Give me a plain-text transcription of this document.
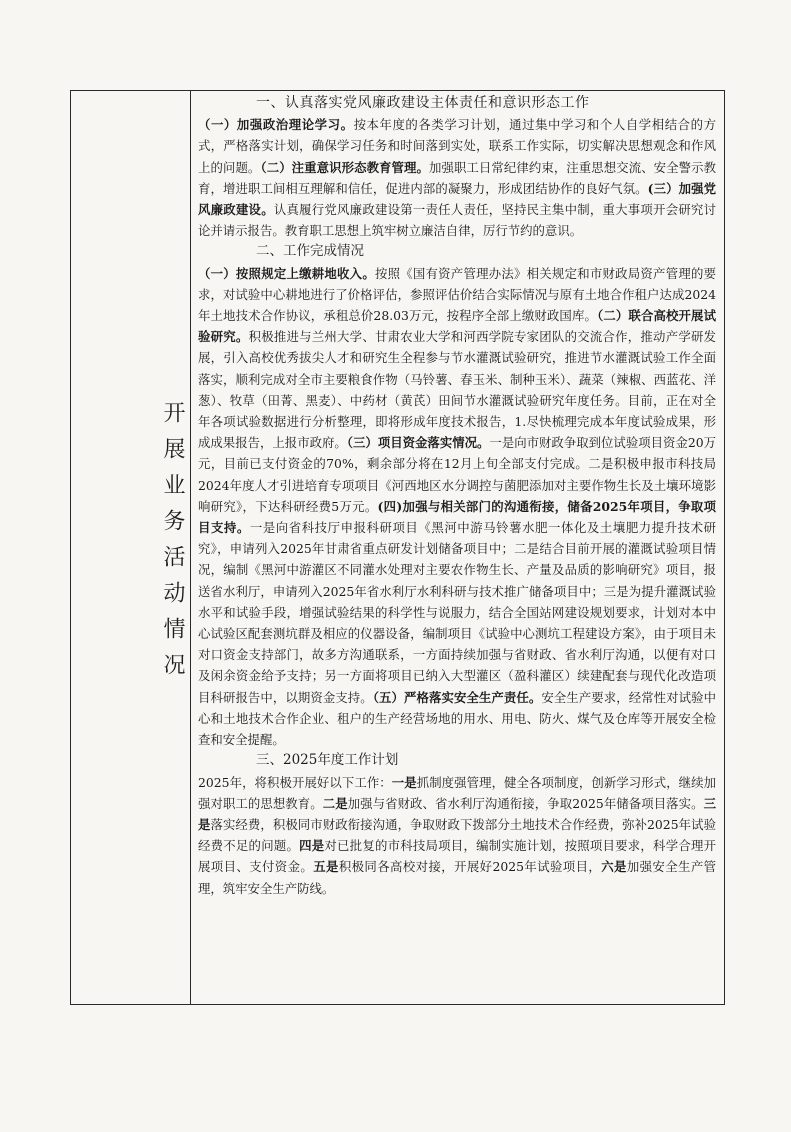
开展业务活动情况
一、认真落实党风廉政建设主体责任和意识形态工作

（一）加强政治理论学习。按本年度的各类学习计划，通过集中学习和个人自学相结合的方式，严格落实计划，确保学习任务和时间落到实处，联系工作实际，切实解决思想观念和作风上的问题。（二）注重意识形态教育管理。加强职工日常纪律约束，注重思想交流、安全警示教育，增进职工间相互理解和信任，促进内部的凝聚力，形成团结协作的良好气氛。(三）加强党风廉政建设。认真履行党风廉政建设第一责任人责任，坚持民主集中制，重大事项开会研究讨论并请示报告。教育职工思想上筑牢树立廉洁自律，厉行节约的意识。

二、工作完成情况

（一）按照规定上缴耕地收入。按照《国有资产管理办法》相关规定和市财政局资产管理的要求，对试验中心耕地进行了价格评估，参照评估价结合实际情况与原有土地合作租户达成2024年土地技术合作协议，承租总价28.03万元，按程序全部上缴财政国库。（二）联合高校开展试验研究。积极推进与兰州大学、甘肃农业大学和河西学院专家团队的交流合作，推动产学研发展，引入高校优秀拔尖人才和研究生全程参与节水灌溉试验研究，推进节水灌溉试验工作全面落实，顺利完成对全市主要粮食作物（马铃薯、春玉米、制种玉米）、蔬菜（辣椒、西蓝花、洋葱）、牧草（田菁、黑麦）、中药材（黄芪）田间节水灌溉试验研究年度任务。目前，正在对全年各项试验数据进行分析整理，即将形成年度技术报告，1.尽快梳理完成本年度试验成果，形成成果报告，上报市政府。（三）项目资金落实情况。一是向市财政争取到位试验项目资金20万元，目前已支付资金的70%，剩余部分将在12月上旬全部支付完成。二是积极申报市科技局2024年度人才引进培育专项项目《河西地区水分调控与菌肥添加对主要作物生长及土壤环境影响研究》，下达科研经费5万元。(四)加强与相关部门的沟通衔接，储备2025年项目，争取项目支持。一是向省科技厅申报科研项目《黑河中游马铃薯水肥一体化及土壤肥力提升技术研究》，申请列入2025年甘肃省重点研发计划储备项目中；二是结合目前开展的灌溉试验项目情况，编制《黑河中游灌区不同灌水处理对主要农作物生长、产量及品质的影响研究》项目，报送省水利厅，申请列入2025年省水利厅水利科研与技术推广储备项目中；三是为提升灌溉试验水平和试验手段，增强试验结果的科学性与说服力，结合全国站网建设规划要求，计划对本中心试验区配套测坑群及相应的仪器设备，编制项目《试验中心测坑工程建设方案》，由于项目未对口资金支持部门，故多方沟通联系，一方面持续加强与省财政、省水利厅沟通，以便有对口及闲余资金给予支持；另一方面将项目已纳入大型灌区（盈科灌区）续建配套与现代化改造项目科研报告中，以期资金支持。（五）严格落实安全生产责任。安全生产要求，经常性对试验中心和土地技术合作企业、租户的生产经营场地的用水、用电、防火、煤气及仓库等开展安全检查和安全提醒。

三、2025年度工作计划

2025年，将积极开展好以下工作：一是抓制度强管理，健全各项制度，创新学习形式，继续加强对职工的思想教育。二是加强与省财政、省水利厅沟通衔接，争取2025年储备项目落实。三是落实经费，积极同市财政衔接沟通，争取财政下拨部分土地技术合作经费，弥补2025年试验经费不足的问题。四是对已批复的市科技局项目，编制实施计划，按照项目要求，科学合理开展项目、支付资金。五是积极同各高校对接，开展好2025年试验项目，六是加强安全生产管理，筑牢安全生产防线。
